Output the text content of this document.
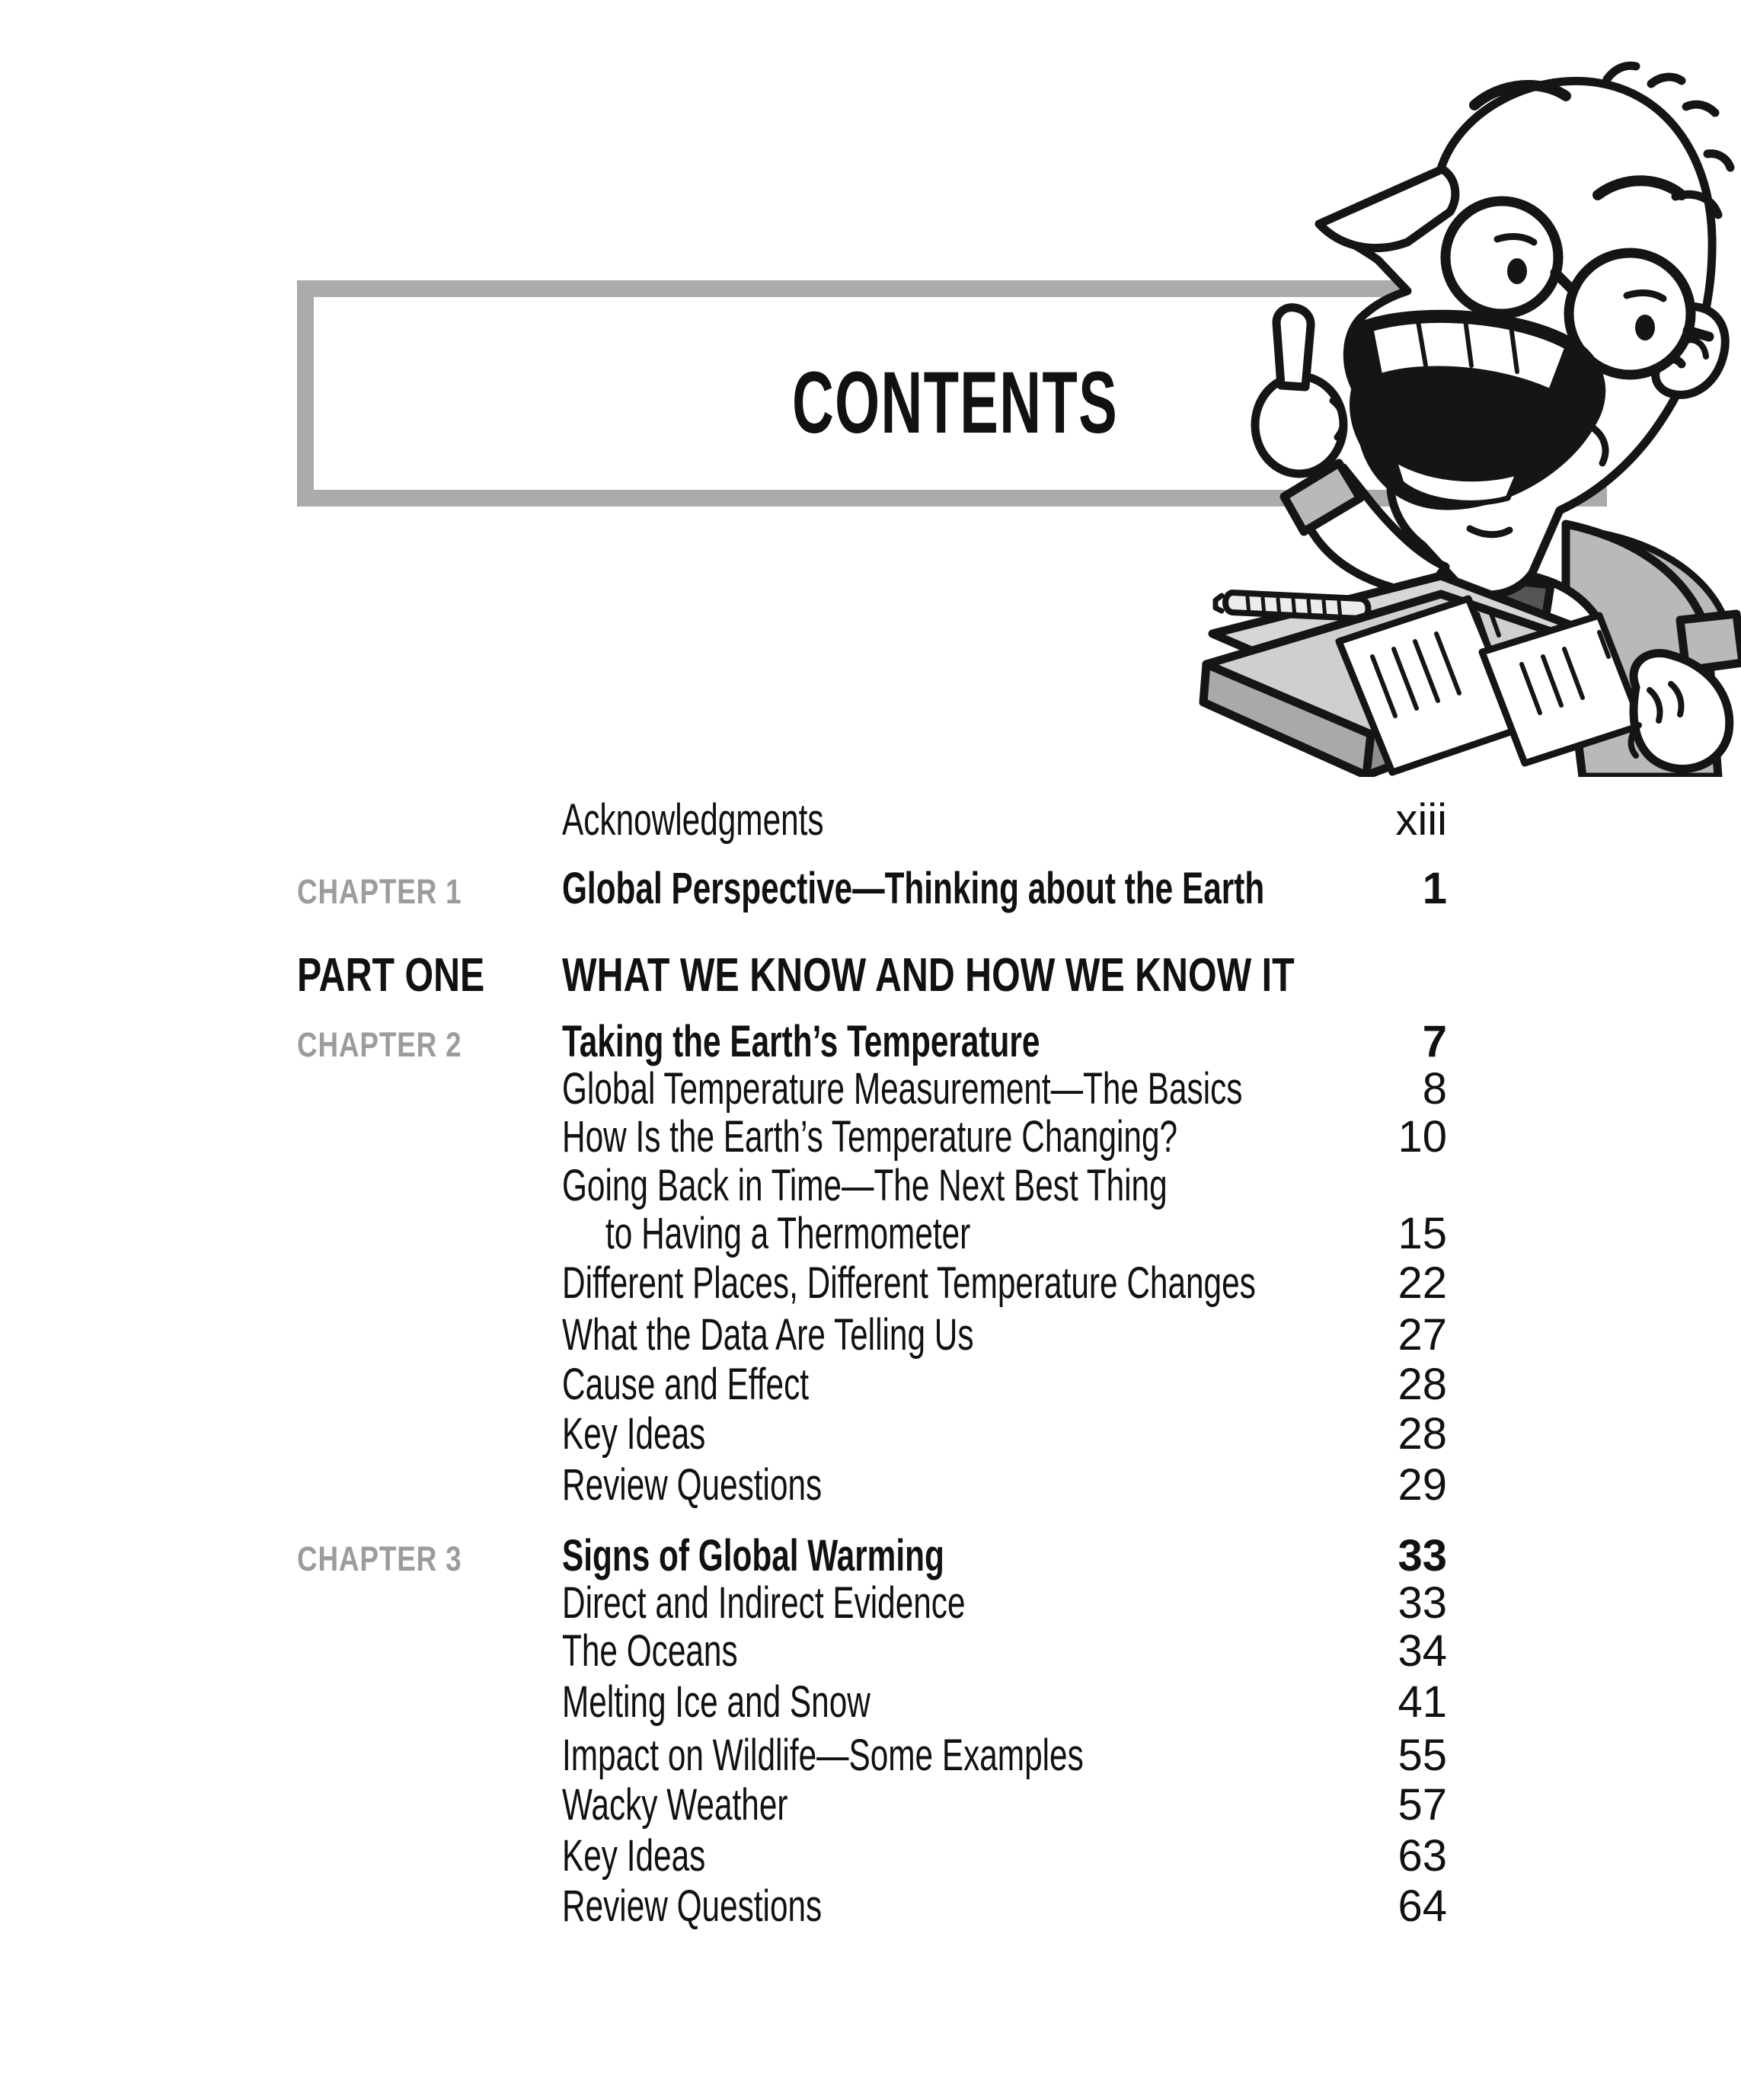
CONTENTS
Acknowledgments	xiii
CHAPTER 1 Global Perspective—Thinking about the Earth	1
PART ONE WHAT WE KNOW AND HOW WE KNOW IT
CHAPTER 2 Taking the Earth’s Temperature	7
Global Temperature Measurement—The Basics	8
How Is the Earth’s Temperature Changing?	10
Going Back in Time—The Next Best Thing
to Having a Thermometer	15
Different Places, Different Temperature Changes	22
What the Data Are Telling Us	27
Cause and Effect	28
Key Ideas	28
Review Questions	29
CHAPTER 3 Signs of Global Warming	33
Direct and Indirect Evidence	33
The Oceans	34
Melting Ice and Snow	41
Impact on Wildlife—Some Examples	55
Wacky Weather	57
Key Ideas	63
Review Questions	64
